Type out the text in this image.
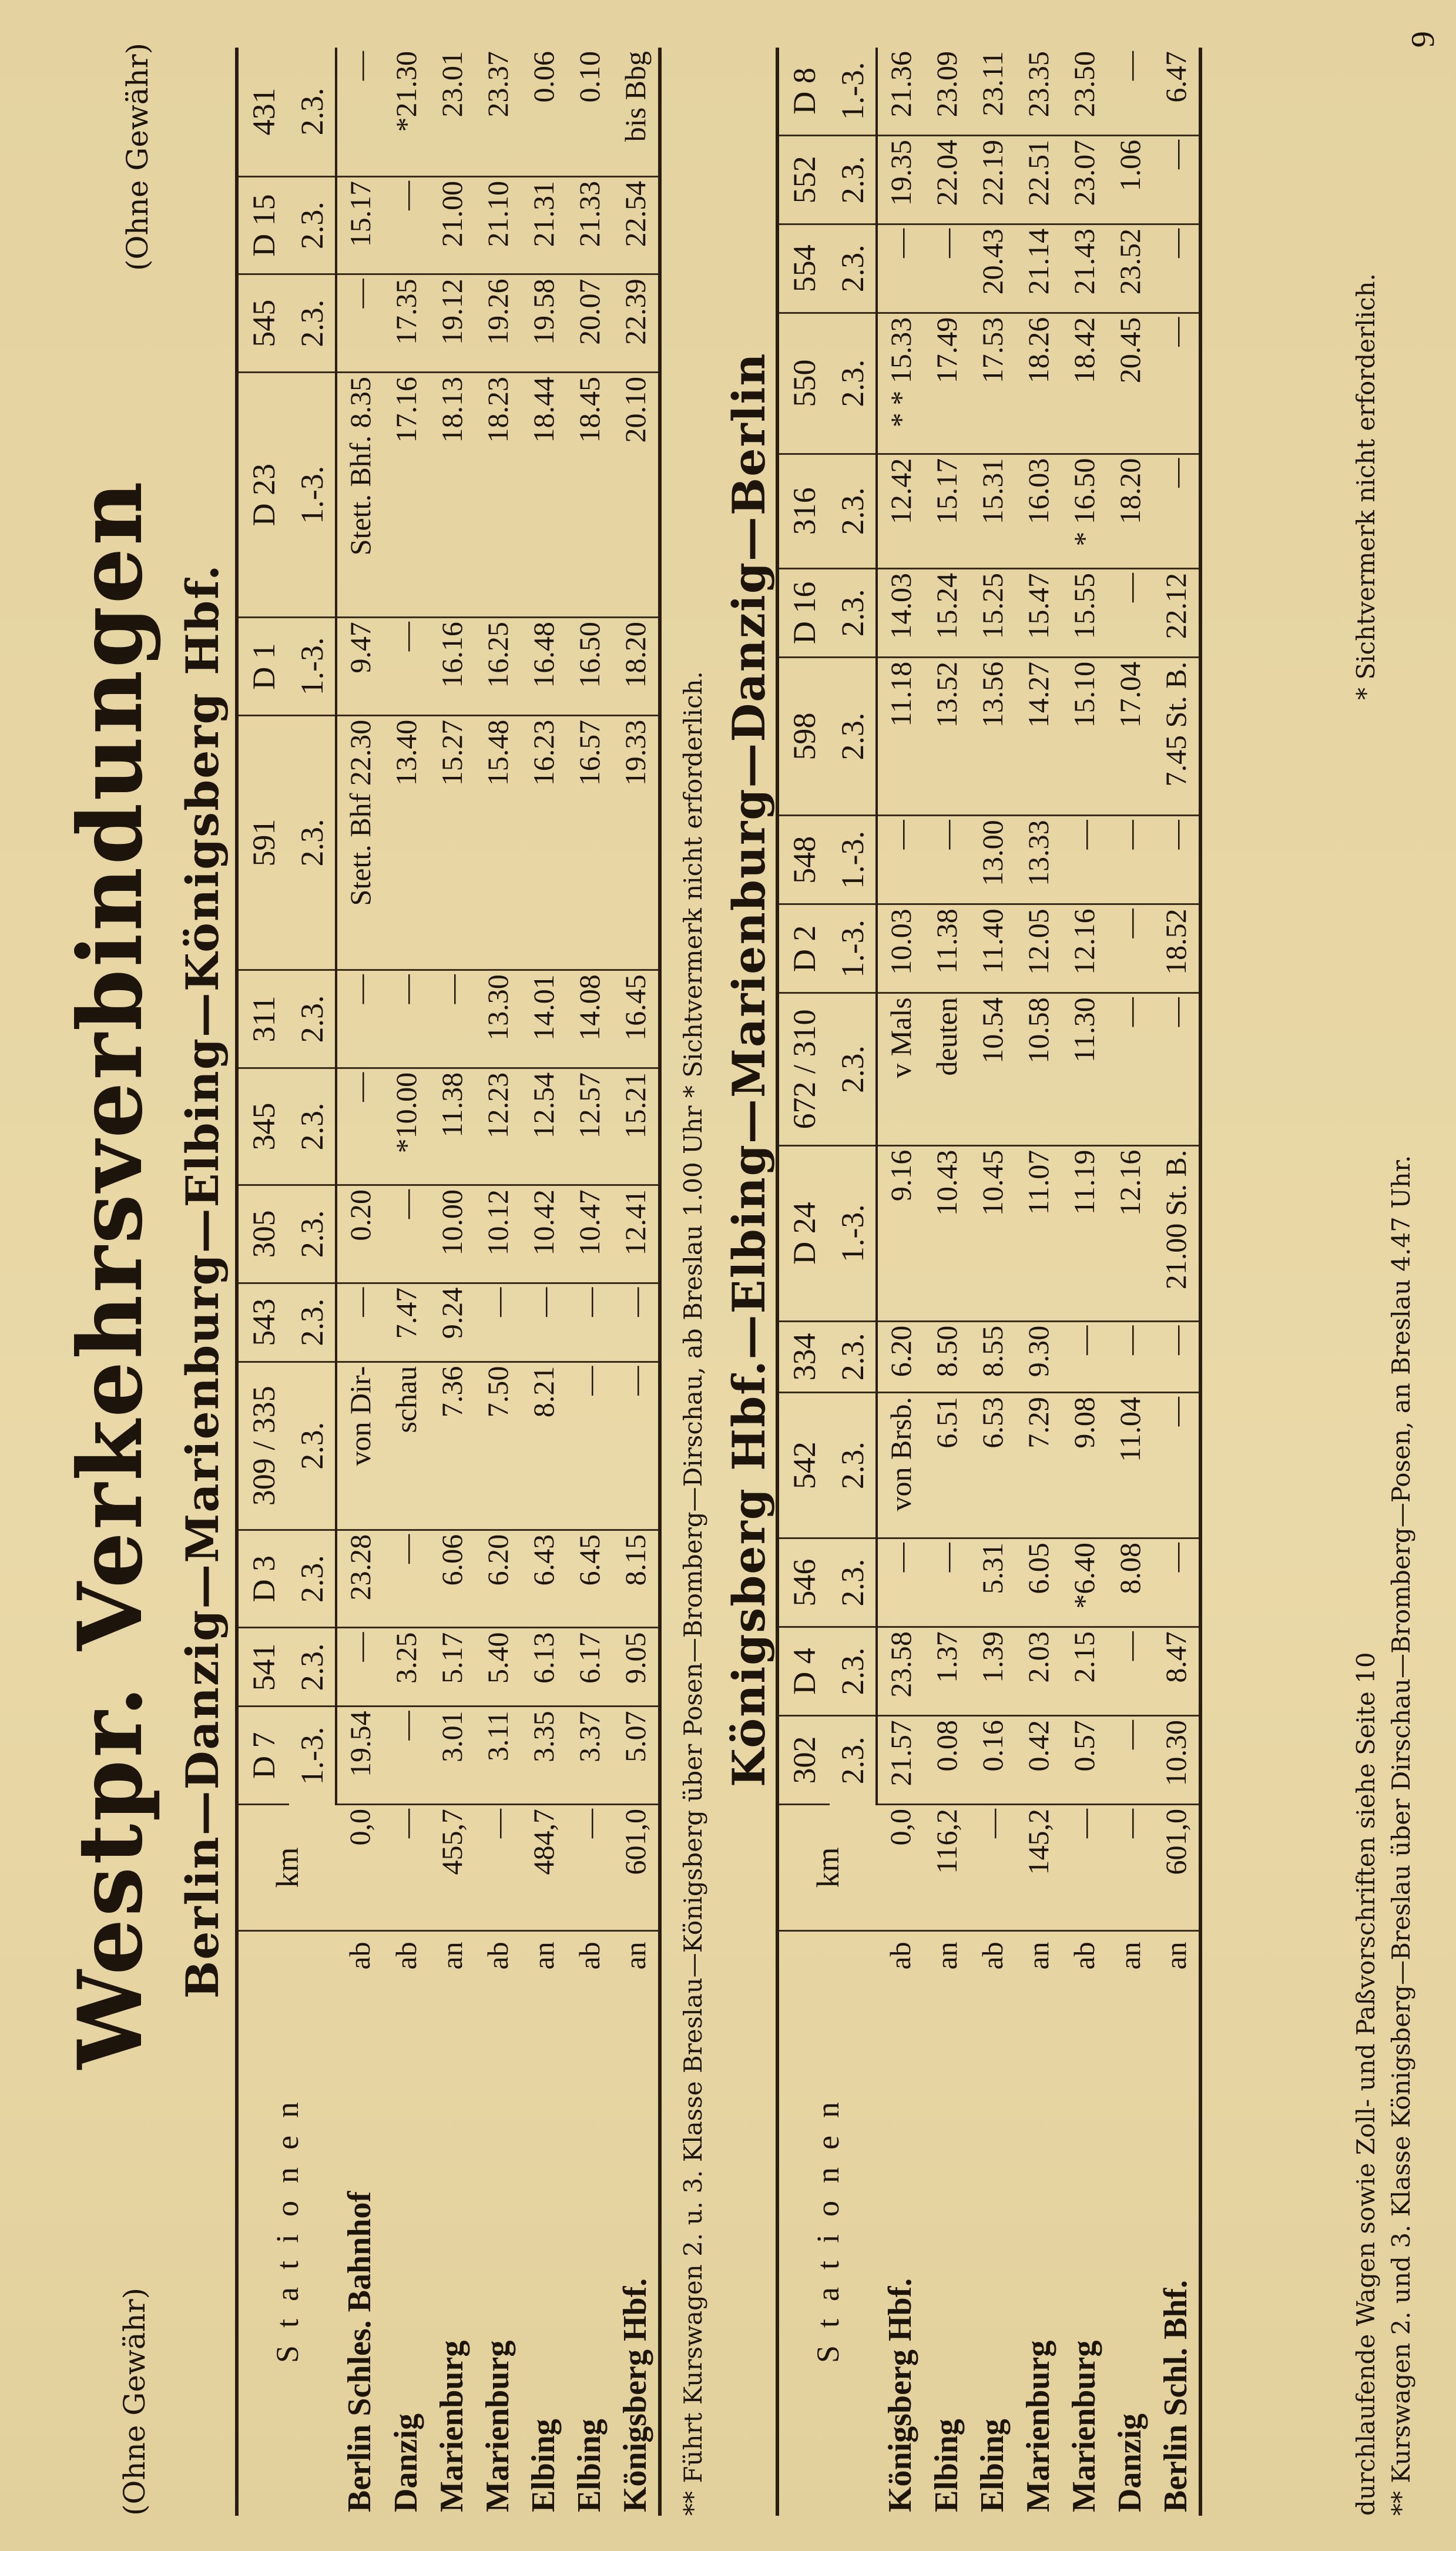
(Ohne Gewähr)
Westpr. Verkehrsverbindungen
(Ohne Gewähr)
Berlin—Danzig—Marienburg—Elbing—Königsberg Hbf.
Stationen		km	D 7	541	D 3	309 / 335	543	305	345	311	591	D 1	D 23	545	D 15	431
			1.-3.	2.3.	2.3.	2.3.	2.3.	2.3.	2.3.	2.3.	2.3.	1.-3.	1.-3.	2.3.	2.3.	2.3.
Berlin Schles. Bahnhof	ab	0,0	19.54	—	23.28	von Dir-	—	0.20	—	—	Stett. Bhf 22.30	9.47	Stett. Bhf. 8.35	—	15.17	—
Danzig	ab	—	—	3.25	—	schau	7.47	—	*10.00	—	13.40	—	17.16	17.35	—	*21.30
Marienburg	an	455,7	3.01	5.17	6.06	7.36	9.24	10.00	11.38	—	15.27	16.16	18.13	19.12	21.00	23.01
Marienburg	ab	—	3.11	5.40	6.20	7.50	—	10.12	12.23	13.30	15.48	16.25	18.23	19.26	21.10	23.37
Elbing	an	484,7	3.35	6.13	6.43	8.21	—	10.42	12.54	14.01	16.23	16.48	18.44	19.58	21.31	0.06
Elbing	ab	—	3.37	6.17	6.45	—	—	10.47	12.57	14.08	16.57	16.50	18.45	20.07	21.33	0.10
Königsberg Hbf.	an	601,0	5.07	9.05	8.15	—	—	12.41	15.21	16.45	19.33	18.20	20.10	22.39	22.54	bis Bbg
** Führt Kurswagen 2. u. 3. Klasse Breslau—Königsberg über Posen—Bromberg—Dirschau, ab Breslau 1.00 Uhr * Sichtvermerk nicht erforderlich. Königsberg Hbf.—Elbing—Marienburg—Danzig—Berlin
Stationen		km	302	D 4	546	542	334	D 24	672 / 310	D 2	548	598	D 16	316	550	554	552	D 8
			2.3.	2.3.	2.3.	2.3.	2.3.	1.-3.	2.3.	1.-3.	1.-3.	2.3.	2.3.	2.3.	2.3.	2.3.	2.3.	1.-3.
Königsberg Hbf.	ab	0,0	21.57	23.58	—	von Brsb.	6.20	9.16	v Mals	10.03	—	11.18	14.03	12.42	* * 15.33	—	19.35	21.36
Elbing	an	116,2	0.08	1.37	—	6.51	8.50	10.43	deuten	11.38	—	13.52	15.24	15.17	17.49	—	22.04	23.09
Elbing	ab	—	0.16	1.39	5.31	6.53	8.55	10.45	10.54	11.40	13.00	13.56	15.25	15.31	17.53	20.43	22.19	23.11
Marienburg	an	145,2	0.42	2.03	6.05	7.29	9.30	11.07	10.58	12.05	13.33	14.27	15.47	16.03	18.26	21.14	22.51	23.35
Marienburg	ab	—	0.57	2.15	*6.40	9.08	—	11.19	11.30	12.16	—	15.10	15.55	* 16.50	18.42	21.43	23.07	23.50
Danzig	an	—	—	—	8.08	11.04	—	12.16	—	—	—	17.04	—	18.20	20.45	23.52	1.06	—
Berlin Schl. Bhf.	an	601,0	10.30	8.47	—	—	—	21.00 St. B.	—	18.52	—	7.45 St. B.	22.12	—	—	—	—	6.47
durchlaufende Wagen sowie Zoll- und Paßvorschriften siehe Seite 10 ** Kurswagen 2. und 3. Klasse Königsberg—Breslau über Dirschau—Bromberg—Posen, an Breslau 4.47 Uhr.
* Sichtvermerk nicht erforderlich.
9
